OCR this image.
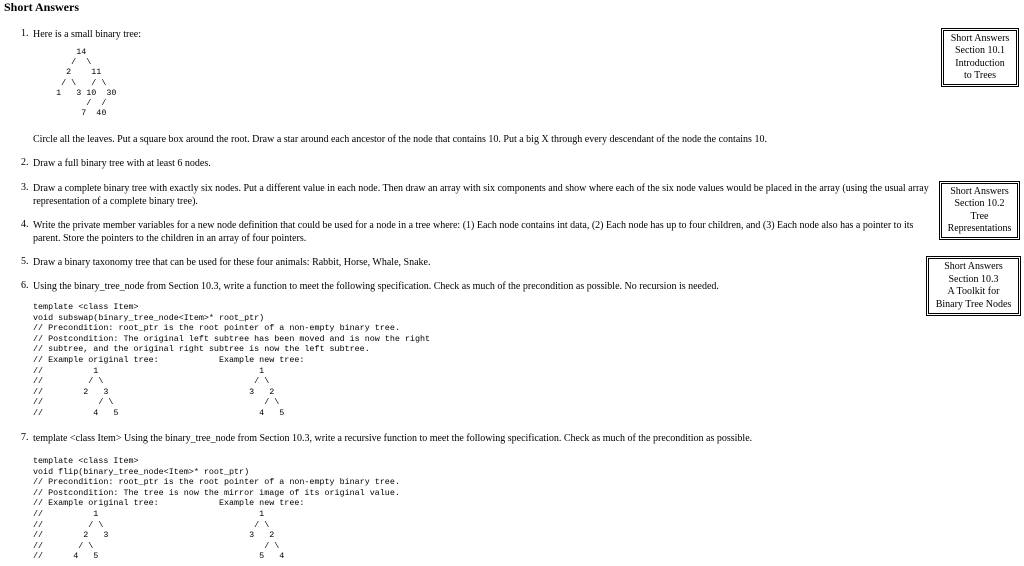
Short Answers
1. Here is a small binary tree:
14
/  \
2    11
/ \   / \
1   3 10  30
/  /
7  40
Circle all the leaves. Put a square box around the root. Draw a star around each ancestor of the node that contains 10. Put a big X through every descendant of the node the contains 10.
2. Draw a full binary tree with at least 6 nodes.
3. Draw a complete binary tree with exactly six nodes. Put a different value in each node. Then draw an array with six components and show where each of the six node values would be placed in the array (using the usual array representation of a complete binary tree).
4. Write the private member variables for a new node definition that could be used for a node in a tree where: (1) Each node contains int data, (2) Each node has up to four children, and (3) Each node also has a pointer to its parent. Store the pointers to the children in an array of four pointers.
5. Draw a binary taxonomy tree that can be used for these four animals: Rabbit, Horse, Whale, Snake.
6. Using the binary_tree_node from Section 10.3, write a function to meet the following specification. Check as much of the precondition as possible. No recursion is needed.
template <class Item>
void subswap(binary_tree_node<Item>* root_ptr)
// Precondition: root_ptr is the root pointer of a non-empty binary tree.
// Postcondition: The original left subtree has been moved and is now the right
// subtree, and the original right subtree is now the left subtree.
// Example original tree:            Example new tree:
//          1                                1
//         / \                              / \
//        2   3                            3   2
//           / \                              / \
//          4   5                            4   5
7. template <class Item> Using the binary_tree_node from Section 10.3, write a recursive function to meet the following specification. Check as much of the precondition as possible.
template <class Item>
void flip(binary_tree_node<Item>* root_ptr)
// Precondition: root_ptr is the root pointer of a non-empty binary tree.
// Postcondition: The tree is now the mirror image of its original value.
// Example original tree:            Example new tree:
//          1                                1
//         / \                              / \
//        2   3                            3   2
//       / \                                  / \
//      4   5                                5   4
Short Answers
Section 10.1
Introduction
to Trees
Short Answers
Section 10.2
Tree
Representations
Short Answers
Section 10.3
A Toolkit for
Binary Tree Nodes
